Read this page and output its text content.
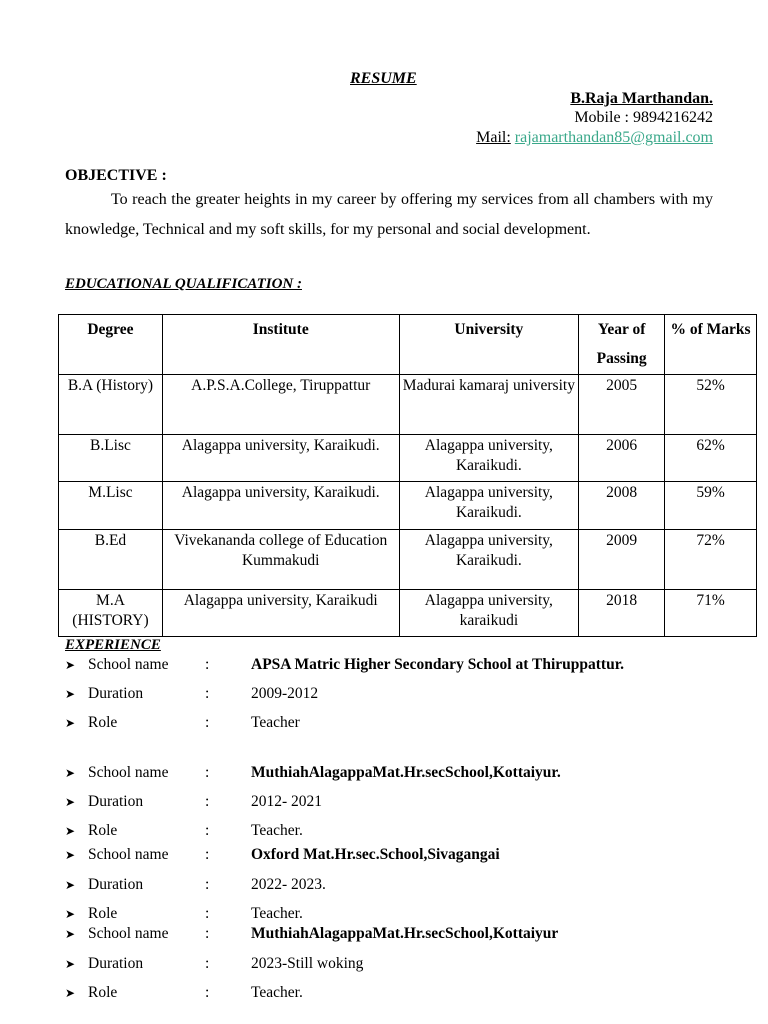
RESUME
B.Raja Marthandan.
Mobile : 9894216242
Mail: rajamarthandan85@gmail.com
OBJECTIVE :
To reach the greater heights in my career by offering my services from all chambers with my knowledge, Technical and my soft skills, for my personal and social development.
EDUCATIONAL QUALIFICATION :
Degree	Institute	University	Year of Passing	% of Marks
B.A (History)	A.P.S.A.College, Tiruppattur	Madurai kamaraj university	2005	52%
B.Lisc	Alagappa university, Karaikudi.	Alagappa university, Karaikudi.	2006	62%
M.Lisc	Alagappa university, Karaikudi.	Alagappa university, Karaikudi.	2008	59%
B.Ed	Vivekananda college of Education Kummakudi	Alagappa university, Karaikudi.	2009	72%
M.A (HISTORY)	Alagappa university, Karaikudi	Alagappa university, karaikudi	2018	71%
EXPERIENCE
➤ School name :	APSA Matric Higher Secondary School at Thiruppattur.
➤ Duration	:	2009-2012
➤ Role	:	Teacher
➤ School name :	MuthiahAlagappaMat.Hr.secSchool,Kottaiyur.
➤ Duration	:	2012- 2021
➤ Role	:	Teacher.
➤ School name :	Oxford Mat.Hr.sec.School,Sivagangai
➤ Duration	:	2022- 2023.
➤ Role	:	Teacher.
➤ School name :	MuthiahAlagappaMat.Hr.secSchool,Kottaiyur
➤ Duration	:	2023-Still woking
➤ Role	:	Teacher.
